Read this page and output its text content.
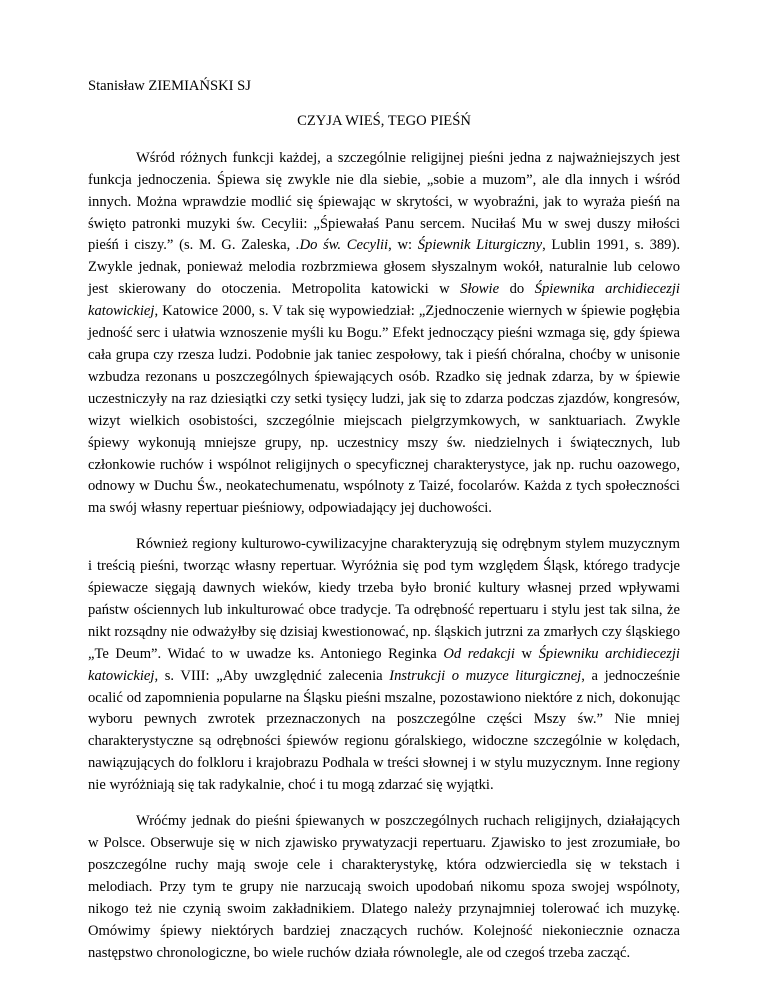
Stanisław ZIEMIAŃSKI SJ

CZYJA WIEŚ, TEGO PIEŚŃ

Wśród różnych funkcji każdej, a szczególnie religijnej pieśni jedna z najważniejszych jest funkcja jednoczenia. Śpiewa się zwykle nie dla siebie, „sobie a muzom”, ale dla innych i wśród innych. Można wprawdzie modlić się śpiewając w skrytości, w wyobraźni, jak to wyraża pieśń na święto patronki muzyki św. Cecylii: „Śpiewałaś Panu sercem. Nuciłaś Mu w swej duszy miłości pieśń i ciszy.” (s. M. G. Zaleska, .Do św. Cecylii, w: Śpiewnik Liturgiczny, Lublin 1991, s. 389). Zwykle jednak, ponieważ melodia rozbrzmiewa głosem słyszalnym wokół, naturalnie lub celowo jest skierowany do otoczenia. Metropolita katowicki w Słowie do Śpiewnika archidiecezji katowickiej, Katowice 2000, s. V tak się wypowiedział: „Zjednoczenie wiernych w śpiewie pogłębia jedność serc i ułatwia wznoszenie myśli ku Bogu.” Efekt jednoczący pieśni wzmaga się, gdy śpiewa cała grupa czy rzesza ludzi. Podobnie jak taniec zespołowy, tak i pieśń chóralna, choćby w unisonie wzbudza rezonans u poszczególnych śpiewających osób. Rzadko się jednak zdarza, by w śpiewie uczestniczyły na raz dziesiątki czy setki tysięcy ludzi, jak się to zdarza podczas zjazdów, kongresów, wizyt wielkich osobistości, szczególnie miejscach pielgrzymkowych, w sanktuariach. Zwykle śpiewy wykonują mniejsze grupy, np. uczestnicy mszy św. niedzielnych i świątecznych, lub członkowie ruchów i wspólnot religijnych o specyficznej charakterystyce, jak np. ruchu oazowego, odnowy w Duchu Św., neokatechumenatu, wspólnoty z Taizé, focolarów. Każda z tych społeczności ma swój własny repertuar pieśniowy, odpowiadający jej duchowości.

Również regiony kulturowo-cywilizacyjne charakteryzują się odrębnym stylem muzycznym i treścią pieśni, tworząc własny repertuar. Wyróżnia się pod tym względem Śląsk, którego tradycje śpiewacze sięgają dawnych wieków, kiedy trzeba było bronić kultury własnej przed wpływami państw ościennych lub inkulturować obce tradycje. Ta odrębność repertuaru i stylu jest tak silna, że nikt rozsądny nie odważyłby się dzisiaj kwestionować, np. śląskich jutrzni za zmarłych czy śląskiego „Te Deum”. Widać to w uwadze ks. Antoniego Reginka Od redakcji w Śpiewniku archidiecezji katowickiej, s. VIII: „Aby uwzględnić zalecenia Instrukcji o muzyce liturgicznej, a jednocześnie ocalić od zapomnienia popularne na Śląsku pieśni mszalne, pozostawiono niektóre z nich, dokonując wyboru pewnych zwrotek przeznaczonych na poszczególne części Mszy św.” Nie mniej charakterystyczne są odrębności śpiewów regionu góralskiego, widoczne szczególnie w kolędach, nawiązujących do folkloru i krajobrazu Podhala w treści słownej i w stylu muzycznym. Inne regiony nie wyróżniają się tak radykalnie, choć i tu mogą zdarzać się wyjątki.

Wróćmy jednak do pieśni śpiewanych w poszczególnych ruchach religijnych, działających w Polsce. Obserwuje się w nich zjawisko prywatyzacji repertuaru. Zjawisko to jest zrozumiałe, bo poszczególne ruchy mają swoje cele i charakterystykę, która odzwierciedla się w tekstach i melodiach. Przy tym te grupy nie narzucają swoich upodobań nikomu spoza swojej wspólnoty, nikogo też nie czynią swoim zakładnikiem. Dlatego należy przynajmniej tolerować ich muzykę. Omówimy śpiewy niektórych bardziej znaczących ruchów. Kolejność niekoniecznie oznacza następstwo chronologiczne, bo wiele ruchów działa równolegle, ale od czegoś trzeba zacząć.
